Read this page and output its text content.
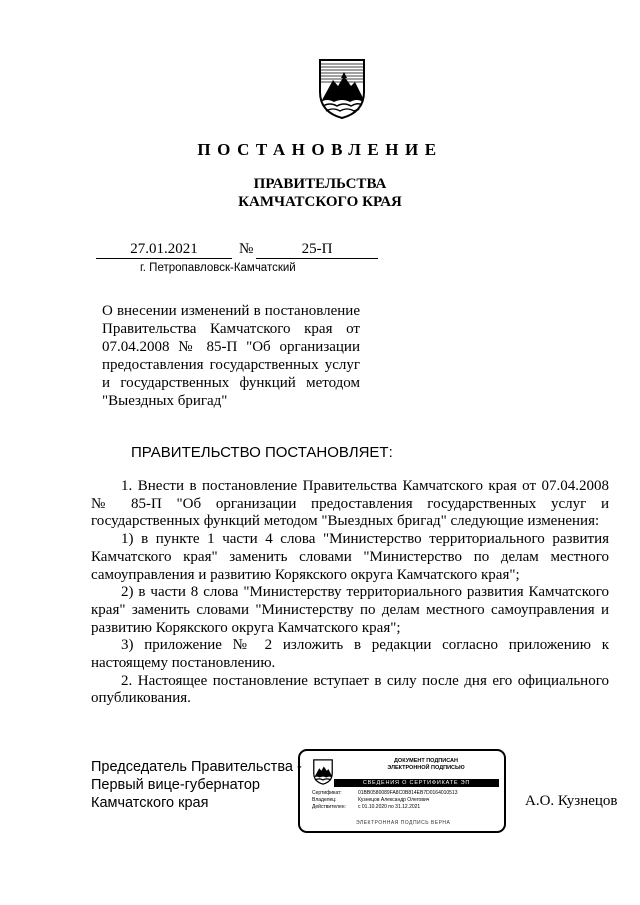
ПОСТАНОВЛЕНИЕ
ПРАВИТЕЛЬСТВА
КАМЧАТСКОГО КРАЯ
27.01.2021	№	25-П
г. Петропавловск-Камчатский

О внесении изменений в постановление Правительства Камчатского края от 07.04.2008 № 85-П "Об организации предоставления государственных услуг и государственных функций методом "Выездных бригад"

ПРАВИТЕЛЬСТВО ПОСТАНОВЛЯЕТ:

1. Внести в постановление Правительства Камчатского края от 07.04.2008 № 85-П "Об организации предоставления государственных услуг и государственных функций методом "Выездных бригад" следующие изменения:

1) в пункте 1 части 4 слова "Министерство территориального развития Камчатского края" заменить словами "Министерство по делам местного самоуправления и развитию Корякского округа Камчатского края";

2) в части 8 слова "Министерству территориального развития Камчатского края" заменить словами "Министерству по делам местного самоуправления и развитию Корякского округа Камчатского края";

3) приложение № 2 изложить в редакции согласно приложению к настоящему постановлению.

2. Настоящее постановление вступает в силу после дня его официального опубликования.

Председатель Правительства -
Первый вице-губернатор
Камчатского края
ДОКУМЕНТ ПОДПИСАН
ЭЛЕКТРОННОЙ ПОДПИСЬЮ
СВЕДЕНИЯ О СЕРТИФИКАТЕ ЭП
Сертификат:	01BB0580089FA8C0B814EB7D0164010513
Владелец:	Кузнецов Александр Олегович
Действителен:	с 01.10.2020 по 31.12.2021
ЭЛЕКТРОННАЯ ПОДПИСЬ ВЕРНА
А.О. Кузнецов
